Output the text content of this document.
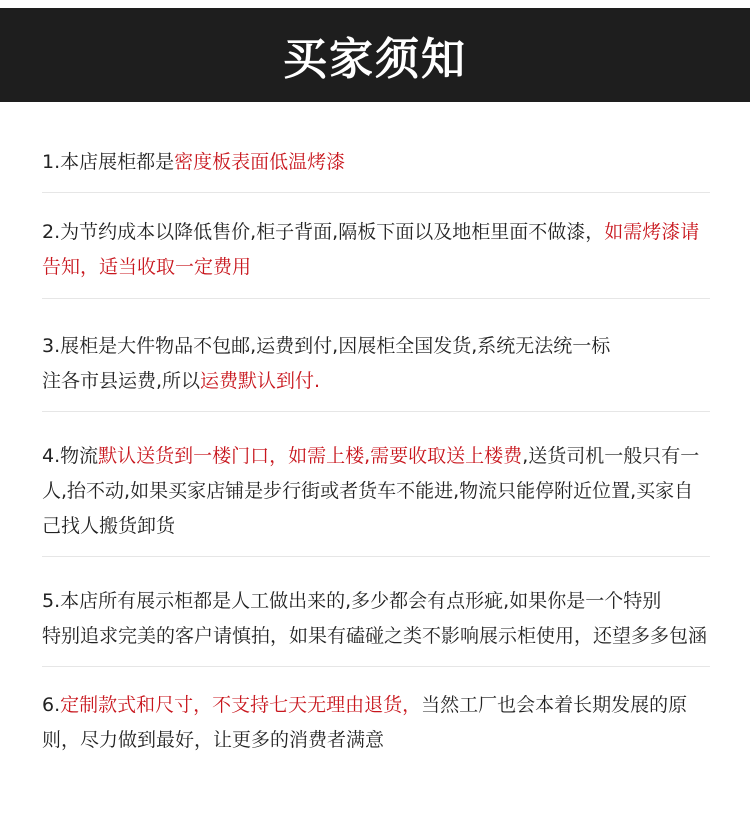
买家须知
1.本店展柜都是密度板表面低温烤漆
2.为节约成本以降低售价,柜子背面,隔板下面以及地柜里面不做漆，如需烤漆请告知，适当收取一定费用
3.展柜是大件物品不包邮,运费到付,因展柜全国发货,系统无法统一标
注各市县运费,所以运费默认到付.
4.物流默认送货到一楼门口，如需上楼,需要收取送上楼费,送货司机一般只有一人,抬不动,如果买家店铺是步行街或者货车不能进,物流只能停附近位置,买家自己找人搬货卸货
5.本店所有展示柜都是人工做出来的,多少都会有点形疵,如果你是一个特别
特别追求完美的客户请慎拍，如果有磕碰之类不影响展示柜使用，还望多多包涵
6.定制款式和尺寸，不支持七天无理由退货，当然工厂也会本着长期发展的原则，尽力做到最好，让更多的消费者满意
